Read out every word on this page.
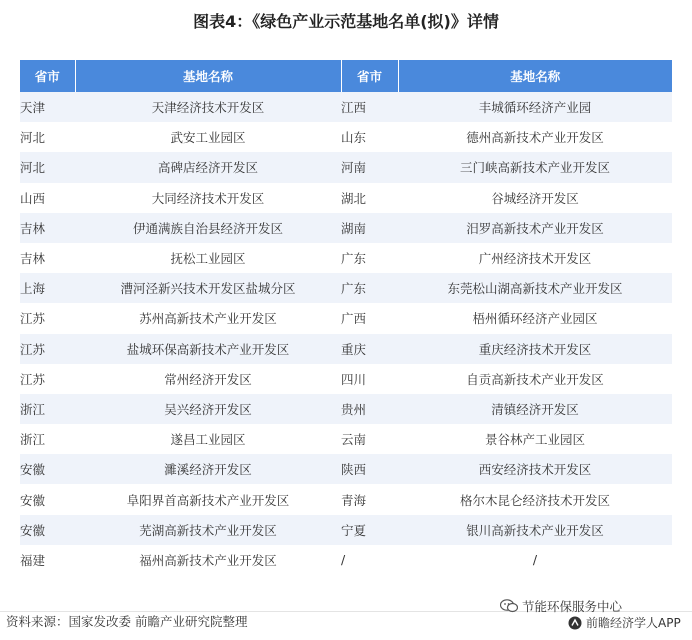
图表4：《绿色产业示范基地名单(拟)》详情
省市	基地名称	省市	基地名称
天津	天津经济技术开发区	江西	丰城循环经济产业园
河北	武安工业园区	山东	德州高新技术产业开发区
河北	高碑店经济开发区	河南	三门峡高新技术产业开发区
山西	大同经济技术开发区	湖北	谷城经济开发区
吉林	伊通满族自治县经济开发区	湖南	汨罗高新技术产业开发区
吉林	抚松工业园区	广东	广州经济技术开发区
上海	漕河泾新兴技术开发区盐城分区	广东	东莞松山湖高新技术产业开发区
江苏	苏州高新技术产业开发区	广西	梧州循环经济产业园区
江苏	盐城环保高新技术产业开发区	重庆	重庆经济技术开发区
江苏	常州经济开发区	四川	自贡高新技术产业开发区
浙江	吴兴经济开发区	贵州	清镇经济开发区
浙江	遂昌工业园区	云南	景谷林产工业园区
安徽	濉溪经济开发区	陕西	西安经济技术开发区
安徽	阜阳界首高新技术产业开发区	青海	格尔木昆仑经济技术开发区
安徽	芜湖高新技术产业开发区	宁夏	银川高新技术产业开发区
福建	福州高新技术产业开发区	/	/
资料来源：国家发改委 前瞻产业研究院整理
节能环保服务中心
前瞻经济学人APP
